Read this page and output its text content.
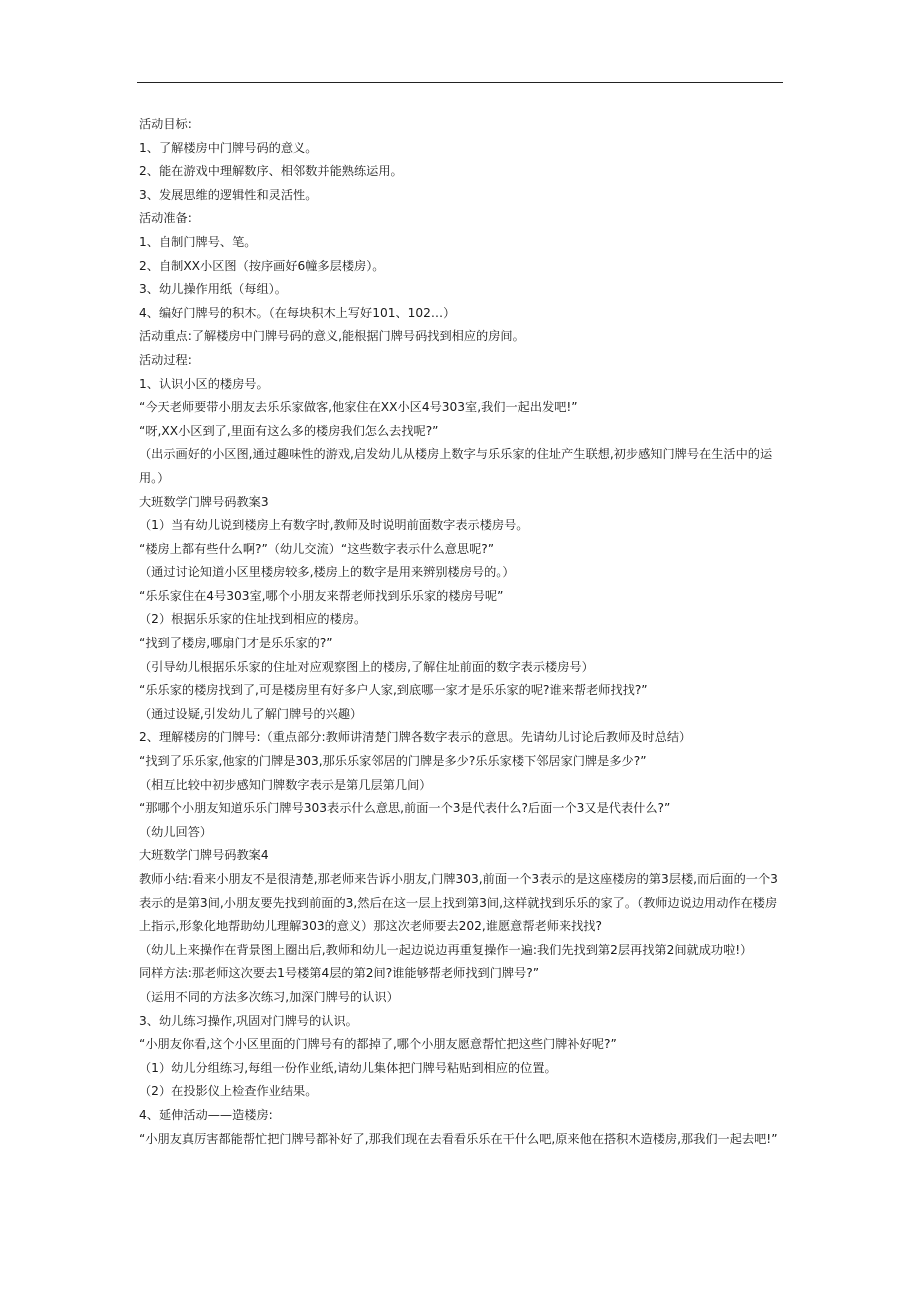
活动目标:

1、了解楼房中门牌号码的意义。

2、能在游戏中理解数序、相邻数并能熟练运用。

3、发展思维的逻辑性和灵活性。

活动准备:

1、自制门牌号、笔。

2、自制XX小区图（按序画好6幢多层楼房）。

3、幼儿操作用纸（每组）。

4、编好门牌号的积木。（在每块积木上写好101、102…）

活动重点:了解楼房中门牌号码的意义,能根据门牌号码找到相应的房间。

活动过程:

1、认识小区的楼房号。

“今天老师要带小朋友去乐乐家做客,他家住在XX小区4号303室,我们一起出发吧!”

“呀,XX小区到了,里面有这么多的楼房我们怎么去找呢?”

（出示画好的小区图,通过趣味性的游戏,启发幼儿从楼房上数字与乐乐家的住址产生联想,初步感知门牌号在生活中的运用。）

大班数学门牌号码教案3

（1）当有幼儿说到楼房上有数字时,教师及时说明前面数字表示楼房号。

“楼房上都有些什么啊?”（幼儿交流）“这些数字表示什么意思呢?”

（通过讨论知道小区里楼房较多,楼房上的数字是用来辨别楼房号的。）

“乐乐家住在4号303室,哪个小朋友来帮老师找到乐乐家的楼房号呢”

（2）根据乐乐家的住址找到相应的楼房。

“找到了楼房,哪扇门才是乐乐家的?”

（引导幼儿根据乐乐家的住址对应观察图上的楼房,了解住址前面的数字表示楼房号）

“乐乐家的楼房找到了,可是楼房里有好多户人家,到底哪一家才是乐乐家的呢?谁来帮老师找找?”

（通过设疑,引发幼儿了解门牌号的兴趣）

2、理解楼房的门牌号:（重点部分:教师讲清楚门牌各数字表示的意思。先请幼儿讨论后教师及时总结）

“找到了乐乐家,他家的门牌是303,那乐乐家邻居的门牌是多少?乐乐家楼下邻居家门牌是多少?”

（相互比较中初步感知门牌数字表示是第几层第几间）

“那哪个小朋友知道乐乐门牌号303表示什么意思,前面一个3是代表什么?后面一个3又是代表什么?”

（幼儿回答）

大班数学门牌号码教案4

教师小结:看来小朋友不是很清楚,那老师来告诉小朋友,门牌303,前面一个3表示的是这座楼房的第3层楼,而后面的一个3表示的是第3间,小朋友要先找到前面的3,然后在这一层上找到第3间,这样就找到乐乐的家了。（教师边说边用动作在楼房上指示,形象化地帮助幼儿理解303的意义）那这次老师要去202,谁愿意帮老师来找找?

（幼儿上来操作在背景图上圈出后,教师和幼儿一起边说边再重复操作一遍:我们先找到第2层再找第2间就成功啦!）

同样方法:那老师这次要去1号楼第4层的第2间?谁能够帮老师找到门牌号?”

（运用不同的方法多次练习,加深门牌号的认识）

3、幼儿练习操作,巩固对门牌号的认识。

“小朋友你看,这个小区里面的门牌号有的都掉了,哪个小朋友愿意帮忙把这些门牌补好呢?”

（1）幼儿分组练习,每组一份作业纸,请幼儿集体把门牌号粘贴到相应的位置。

（2）在投影仪上检查作业结果。

4、延伸活动——造楼房:

“小朋友真厉害都能帮忙把门牌号都补好了,那我们现在去看看乐乐在干什么吧,原来他在搭积木造楼房,那我们一起去吧!”
